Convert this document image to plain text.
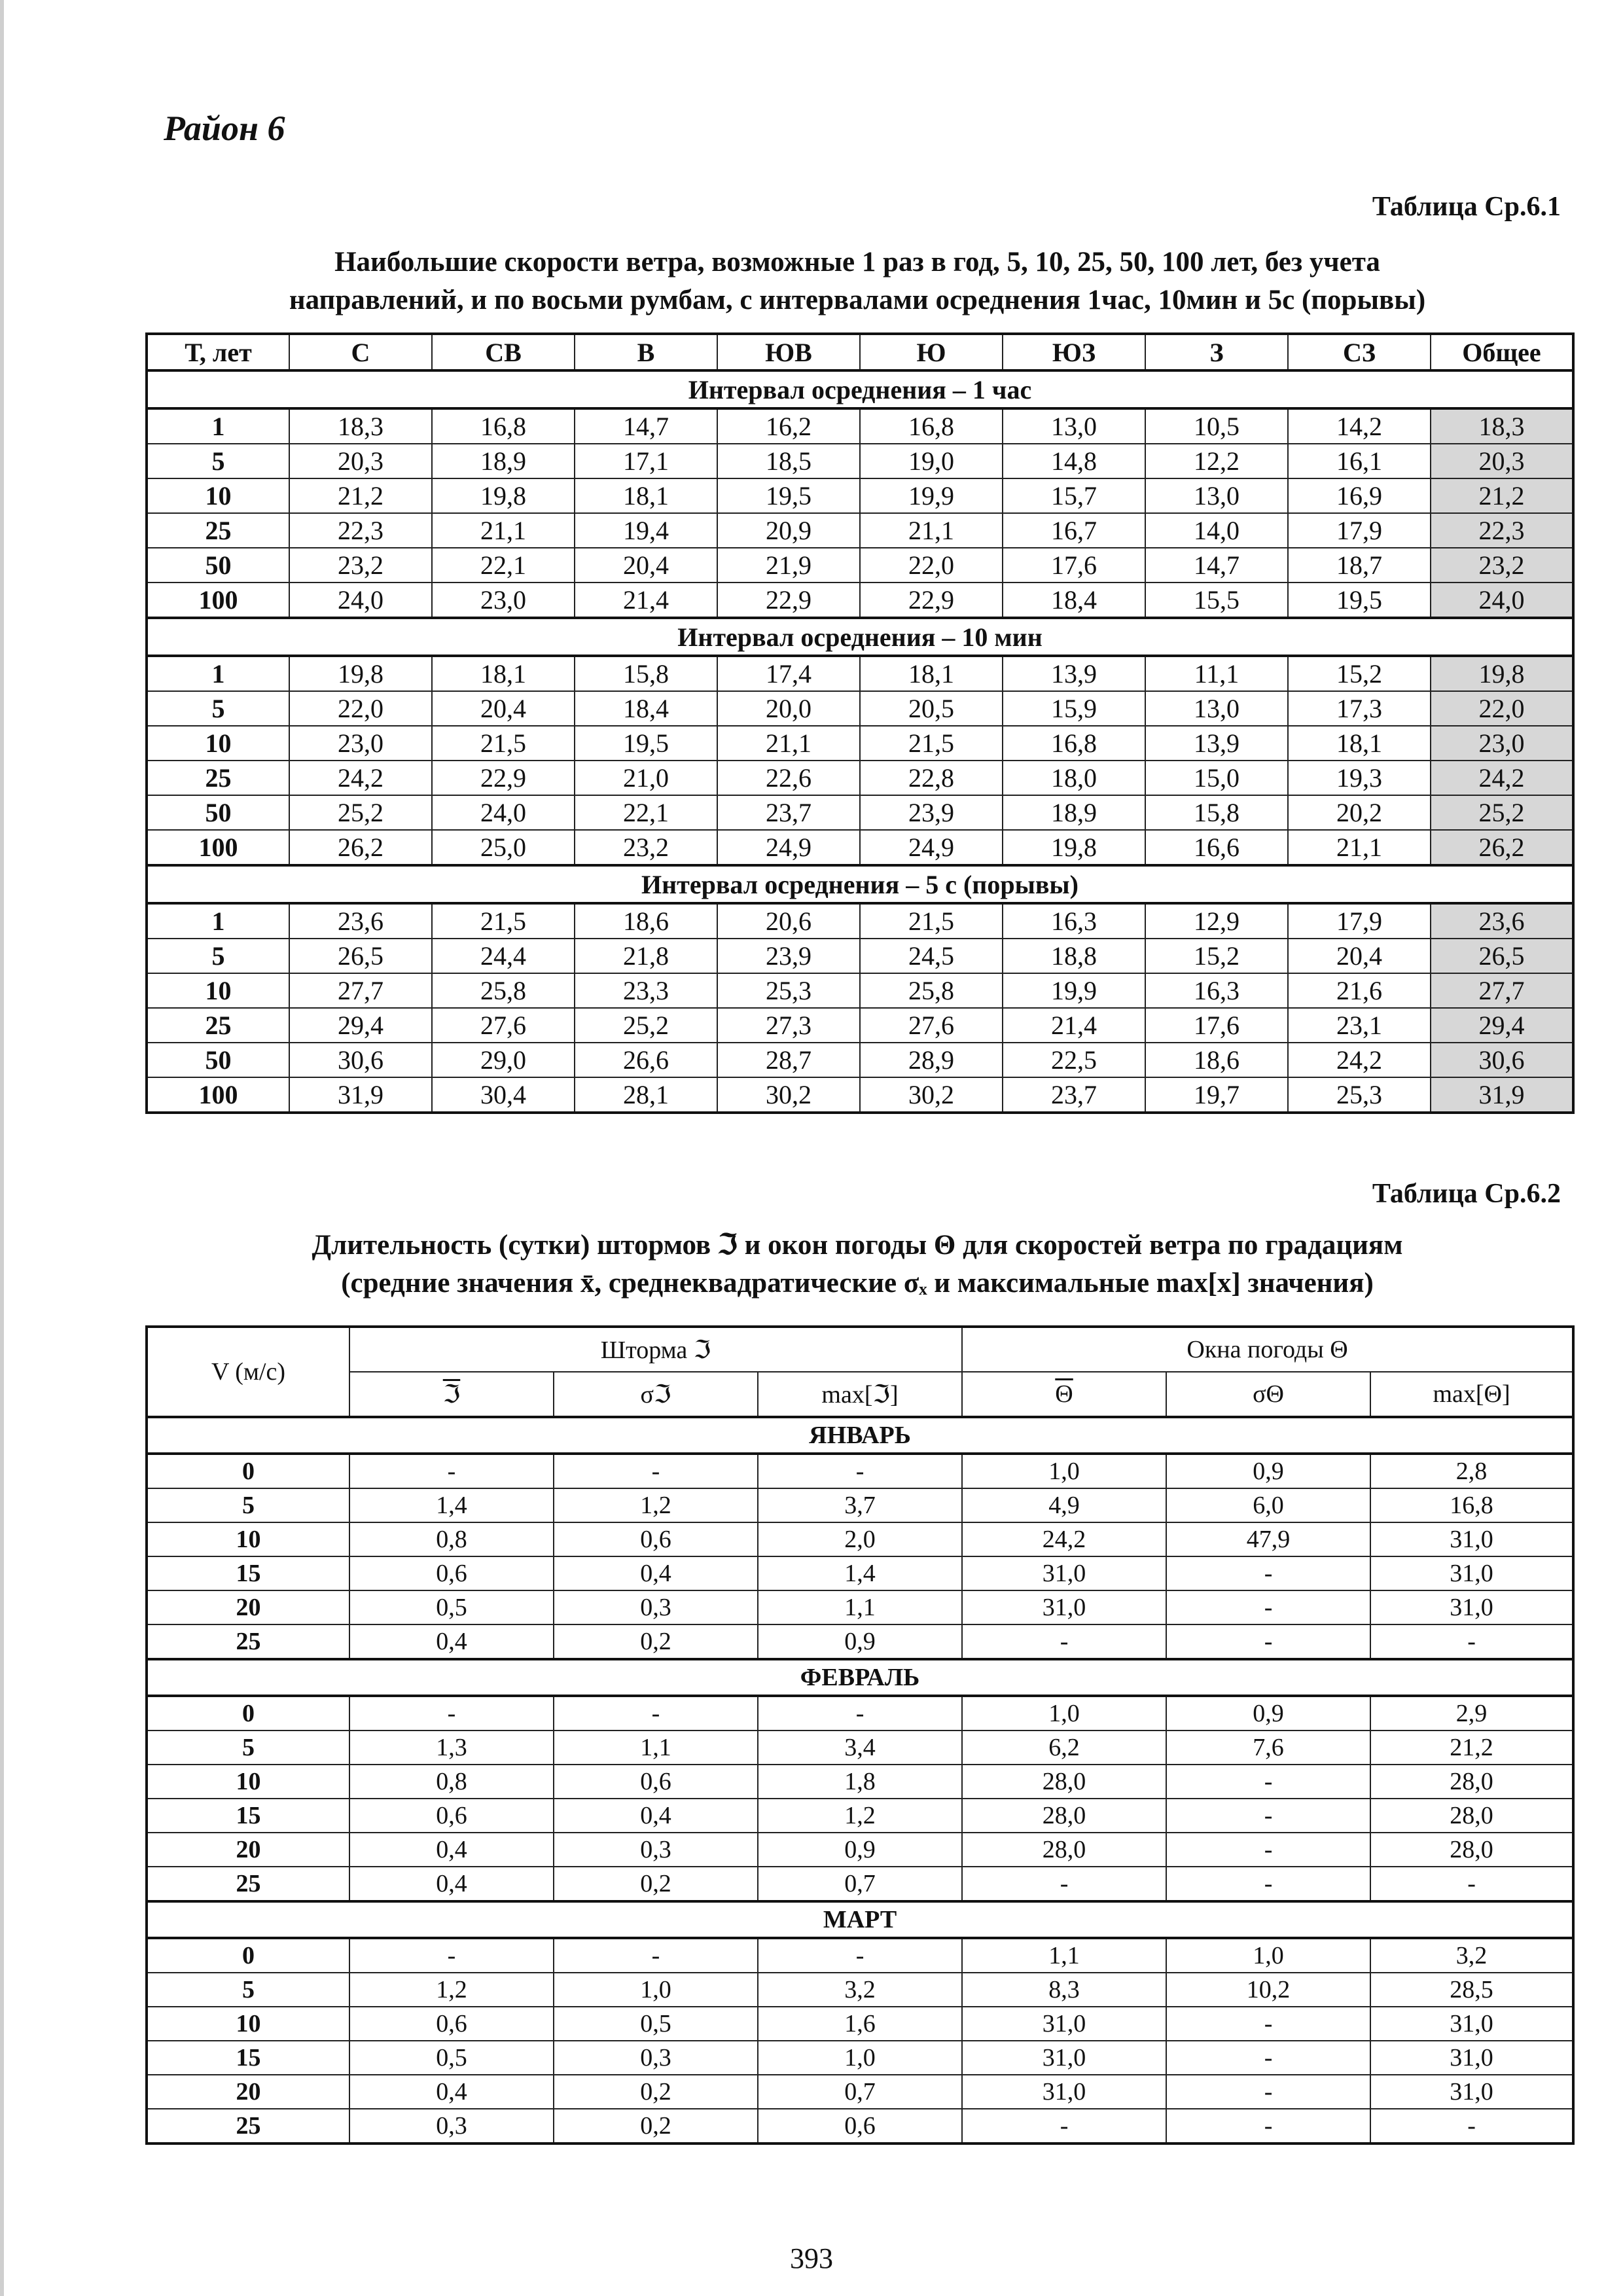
Район 6
Таблица Ср.6.1
Наибольшие скорости ветра, возможные 1 раз в год, 5, 10, 25, 50, 100 лет, без учета
направлений, и по восьми румбам, с интервалами осреднения 1час, 10мин и 5с (порывы)
Т, лет	С	СВ	В	ЮВ	Ю	ЮЗ	З	СЗ	Общее
Интервал осреднения – 1 час									
1	18,3	16,8	14,7	16,2	16,8	13,0	10,5	14,2	18,3
5	20,3	18,9	17,1	18,5	19,0	14,8	12,2	16,1	20,3
10	21,2	19,8	18,1	19,5	19,9	15,7	13,0	16,9	21,2
25	22,3	21,1	19,4	20,9	21,1	16,7	14,0	17,9	22,3
50	23,2	22,1	20,4	21,9	22,0	17,6	14,7	18,7	23,2
100	24,0	23,0	21,4	22,9	22,9	18,4	15,5	19,5	24,0
Интервал осреднения – 10 мин									
1	19,8	18,1	15,8	17,4	18,1	13,9	11,1	15,2	19,8
5	22,0	20,4	18,4	20,0	20,5	15,9	13,0	17,3	22,0
10	23,0	21,5	19,5	21,1	21,5	16,8	13,9	18,1	23,0
25	24,2	22,9	21,0	22,6	22,8	18,0	15,0	19,3	24,2
50	25,2	24,0	22,1	23,7	23,9	18,9	15,8	20,2	25,2
100	26,2	25,0	23,2	24,9	24,9	19,8	16,6	21,1	26,2
Интервал осреднения – 5 с (порывы)									
1	23,6	21,5	18,6	20,6	21,5	16,3	12,9	17,9	23,6
5	26,5	24,4	21,8	23,9	24,5	18,8	15,2	20,4	26,5
10	27,7	25,8	23,3	25,3	25,8	19,9	16,3	21,6	27,7
25	29,4	27,6	25,2	27,3	27,6	21,4	17,6	23,1	29,4
50	30,6	29,0	26,6	28,7	28,9	22,5	18,6	24,2	30,6
100	31,9	30,4	28,1	30,2	30,2	23,7	19,7	25,3	31,9
Таблица Ср.6.2
Длительность (сутки) штормов ℑ и окон погоды Θ для скоростей ветра по градациям
(средние значения x̄, среднеквадратические σₓ и максимальные max[x] значения)
V (м/с)	Шторма ℑ			Окна погоды Θ		
	ℑ	σℑ	max[ℑ]	$\overline{\Theta}$	σΘ	max[Θ]
ЯНВАРЬ						
0	-	-	-	1,0	0,9	2,8
5	1,4	1,2	3,7	4,9	6,0	16,8
10	0,8	0,6	2,0	24,2	47,9	31,0
15	0,6	0,4	1,4	31,0	-	31,0
20	0,5	0,3	1,1	31,0	-	31,0
25	0,4	0,2	0,9	-	-	-
ФЕВРАЛЬ						
0	-	-	-	1,0	0,9	2,9
5	1,3	1,1	3,4	6,2	7,6	21,2
10	0,8	0,6	1,8	28,0	-	28,0
15	0,6	0,4	1,2	28,0	-	28,0
20	0,4	0,3	0,9	28,0	-	28,0
25	0,4	0,2	0,7	-	-	-
МАРТ						
0	-	-	-	1,1	1,0	3,2
5	1,2	1,0	3,2	8,3	10,2	28,5
10	0,6	0,5	1,6	31,0	-	31,0
15	0,5	0,3	1,0	31,0	-	31,0
20	0,4	0,2	0,7	31,0	-	31,0
25	0,3	0,2	0,6	-	-	-
393
